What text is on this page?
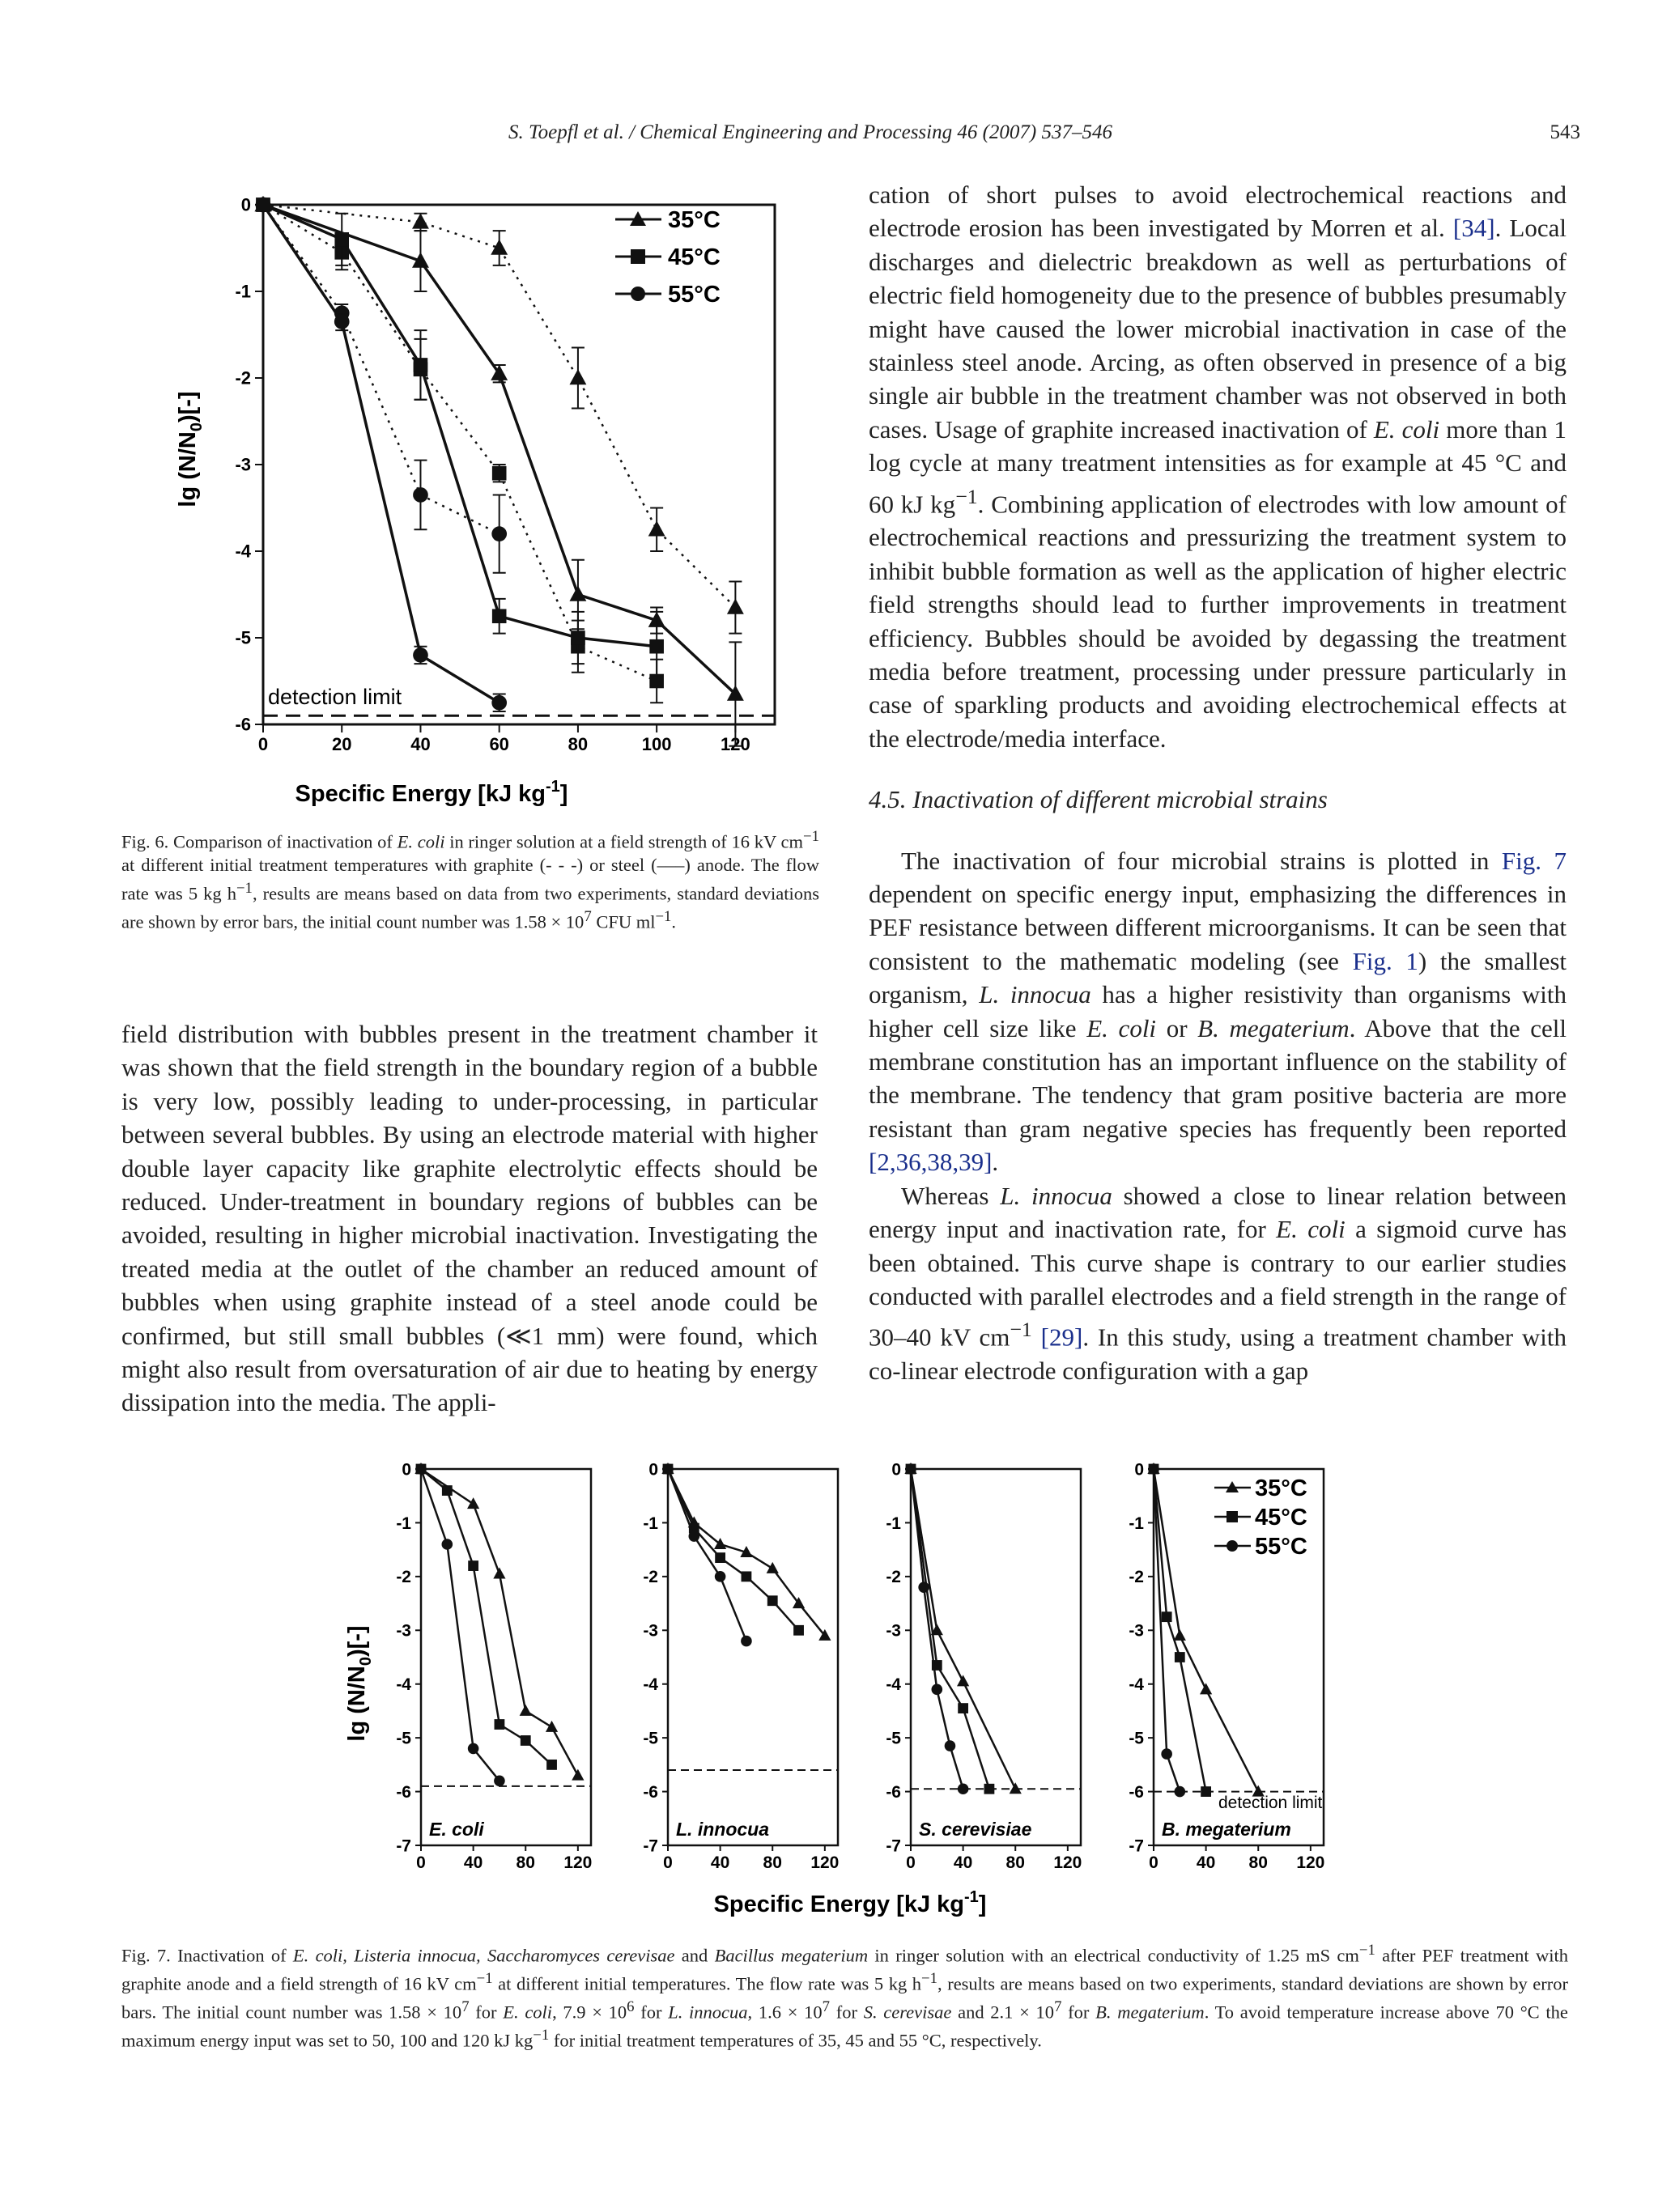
S. Toepfl et al. / Chemical Engineering and Processing 46 (2007) 537–546	543
0	20	40	60	80	100	120
0
-1
-2
-3
-4
-5
-6
$\lg (N/N_0)[-]$
Specific Energy [kJ $kg^{-1}$]
detection limit
35°C
45°C
55°C
Fig. 6. Comparison of inactivation of E. coli in ringer solution at a field strength of 16 kV $cm^{-1}$ at different initial treatment temperatures with graphite (- - -) or steel (–––) anode. The flow rate was 5 kg $h^{-1}$, results are means based on data from two experiments, standard deviations are shown by error bars, the initial count number was $1.58 \times 10^7$ CFU $ml^{-1}$.

field distribution with bubbles present in the treatment chamber it was shown that the field strength in the boundary region of a bubble is very low, possibly leading to under-processing, in particular between several bubbles. By using an electrode material with higher double layer capacity like graphite electrolytic effects should be reduced. Under-treatment in boundary regions of bubbles can be avoided, resulting in higher microbial inactivation. Investigating the treated media at the outlet of the chamber an reduced amount of bubbles when using graphite instead of a steel anode could be confirmed, but still small bubbles (≪1 mm) were found, which might also result from oversaturation of air due to heating by energy dissipation into the media. The appli-

cation of short pulses to avoid electrochemical reactions and electrode erosion has been investigated by Morren et al. [34]. Local discharges and dielectric breakdown as well as perturbations of electric field homogeneity due to the presence of bubbles presumably might have caused the lower microbial inactivation in case of the stainless steel anode. Arcing, as often observed in presence of a big single air bubble in the treatment chamber was not observed in both cases. Usage of graphite increased inactivation of E. coli more than 1 log cycle at many treatment intensities as for example at 45 °C and 60 kJ $kg^{-1}$. Combining application of electrodes with low amount of electrochemical reactions and pressurizing the treatment system to inhibit bubble formation as well as the application of higher electric field strengths should lead to further improvements in treatment efficiency. Bubbles should be avoided by degassing the treatment media before treatment, processing under pressure particularly in case of sparkling products and avoiding electrochemical effects at the electrode/media interface.

4.5. Inactivation of different microbial strains

The inactivation of four microbial strains is plotted in Fig. 7 dependent on specific energy input, emphasizing the differences in PEF resistance between different microorganisms. It can be seen that consistent to the mathematic modeling (see Fig. 1) the smallest organism, L. innocua has a higher resistivity than organisms with higher cell size like E. coli or B. megaterium. Above that the cell membrane constitution has an important influence on the stability of the membrane. The tendency that gram positive bacteria are more resistant than gram negative species has frequently been reported [2,36,38,39].

Whereas L. innocua showed a close to linear relation between energy input and inactivation rate, for E. coli a sigmoid curve has been obtained. This curve shape is contrary to our earlier studies conducted with parallel electrodes and a field strength in the range of 30–40 kV $cm^{-1}$ [29]. In this study, using a treatment chamber with co-linear electrode configuration with a gap

0 40 80 120
0
-1
-2
-3
-4
-5
-6
-7
E. coli
0 40 80 120
0
-1
-2
-3
-4
-5
-6
-7
L. innocua
0 40 80 120
0
-1
-2
-3
-4
-5
-6
-7
S. cerevisiae
0 40 80 120
0
-1
-2
-3
-4
-5
-6
-7
B. megaterium
$\lg (N/N_0)[-]$
Specific Energy [kJ $kg^{-1}$]
detection limit
35°C
45°C
55°C
Fig. 7. Inactivation of E. coli, Listeria innocua, Saccharomyces cerevisae and Bacillus megaterium in ringer solution with an electrical conductivity of 1.25 mS $cm^{-1}$ after PEF treatment with graphite anode and a field strength of 16 kV $cm^{-1}$ at different initial temperatures. The flow rate was 5 kg $h^{-1}$, results are means based on two experiments, standard deviations are shown by error bars. The initial count number was $1.58 \times 10^7$ for E. coli, $7.9 \times 10^6$ for L. innocua, $1.6 \times 10^7$ for S. cerevisae and $2.1 \times 10^7$ for B. megaterium. To avoid temperature increase above 70 °C the maximum energy input was set to 50, 100 and 120 kJ $kg^{-1}$ for initial treatment temperatures of 35, 45 and 55 °C, respectively.
